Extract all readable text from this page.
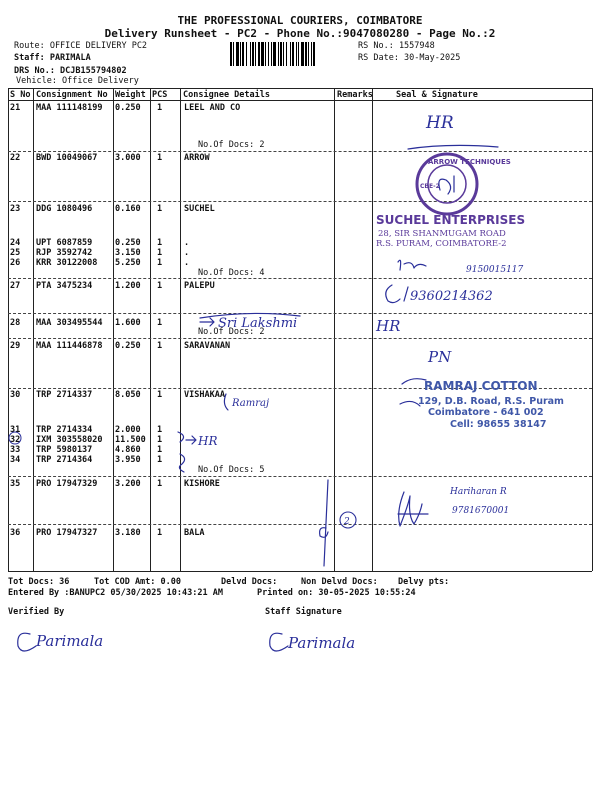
THE PROFESSIONAL COURIERS, COIMBATORE
Delivery Runsheet - PC2 - Phone No.:9047080280 - Page No.:2
Route: OFFICE DELIVERY PC2
Staff: PARIMALA
DRS No.: DCJB155794802
Vehicle: Office Delivery
RS No.: 1557948
RS Date: 30-May-2025
S No Consignment No Weight PCS Consignee Details	Remarks	Seal & Signature
21 MAA 111148199 0.250 1	LEEL AND CO
22 BWD 10049067 3.000 1	ARROW
23 DDG 1080496	0.160 1	SUCHEL
24 UPT 6087859	0.250 1	.
25 RJP 3592742	3.150 1	.
26 KRR 30122008 5.250 1	.
27 PTA 3475234	1.200 1	PALEPU
28 MAA 303495544 1.600 1
29 MAA 111446878 0.250 1	SARAVANAN
30 TRP 2714337	8.050 1	VISHAKAA
31 TRP 2714334	2.000 1
32 IXM 303558020 11.500 1
33 TRP 5980137	4.860 1
34 TRP 2714364	3.950 1
35 PRO 17947329 3.200 1	KISHORE
36 PRO 17947327 3.180 1	BALA
No.Of Docs: 2
No.Of Docs: 4
No.Of Docs: 2
No.Of Docs: 5
HR
ARROW TECHNIQUES
CBE-2
SUCHEL ENTERPRISES
28, SIR SHANMUGAM ROAD
R.S. PURAM, COIMBATORE-2
9150015117
9360214362
Sri Lakshmi	HR
PN
Ramraj
RAMRAJ COTTON
129, D.B. Road, R.S. Puram
Coimbatore - 641 002
Cell: 98655 38147
HR
2
Hariharan R
9781670001
Tot Docs: 36	Tot COD Amt: 0.00	Delvd Docs:	Non Delvd Docs: Delvy pts:
Entered By :BANUPC2 05/30/2025 10:43:21 AM	Printed on: 30-05-2025 10:55:24
Verified By	Staff Signature
Parimala	Parimala
